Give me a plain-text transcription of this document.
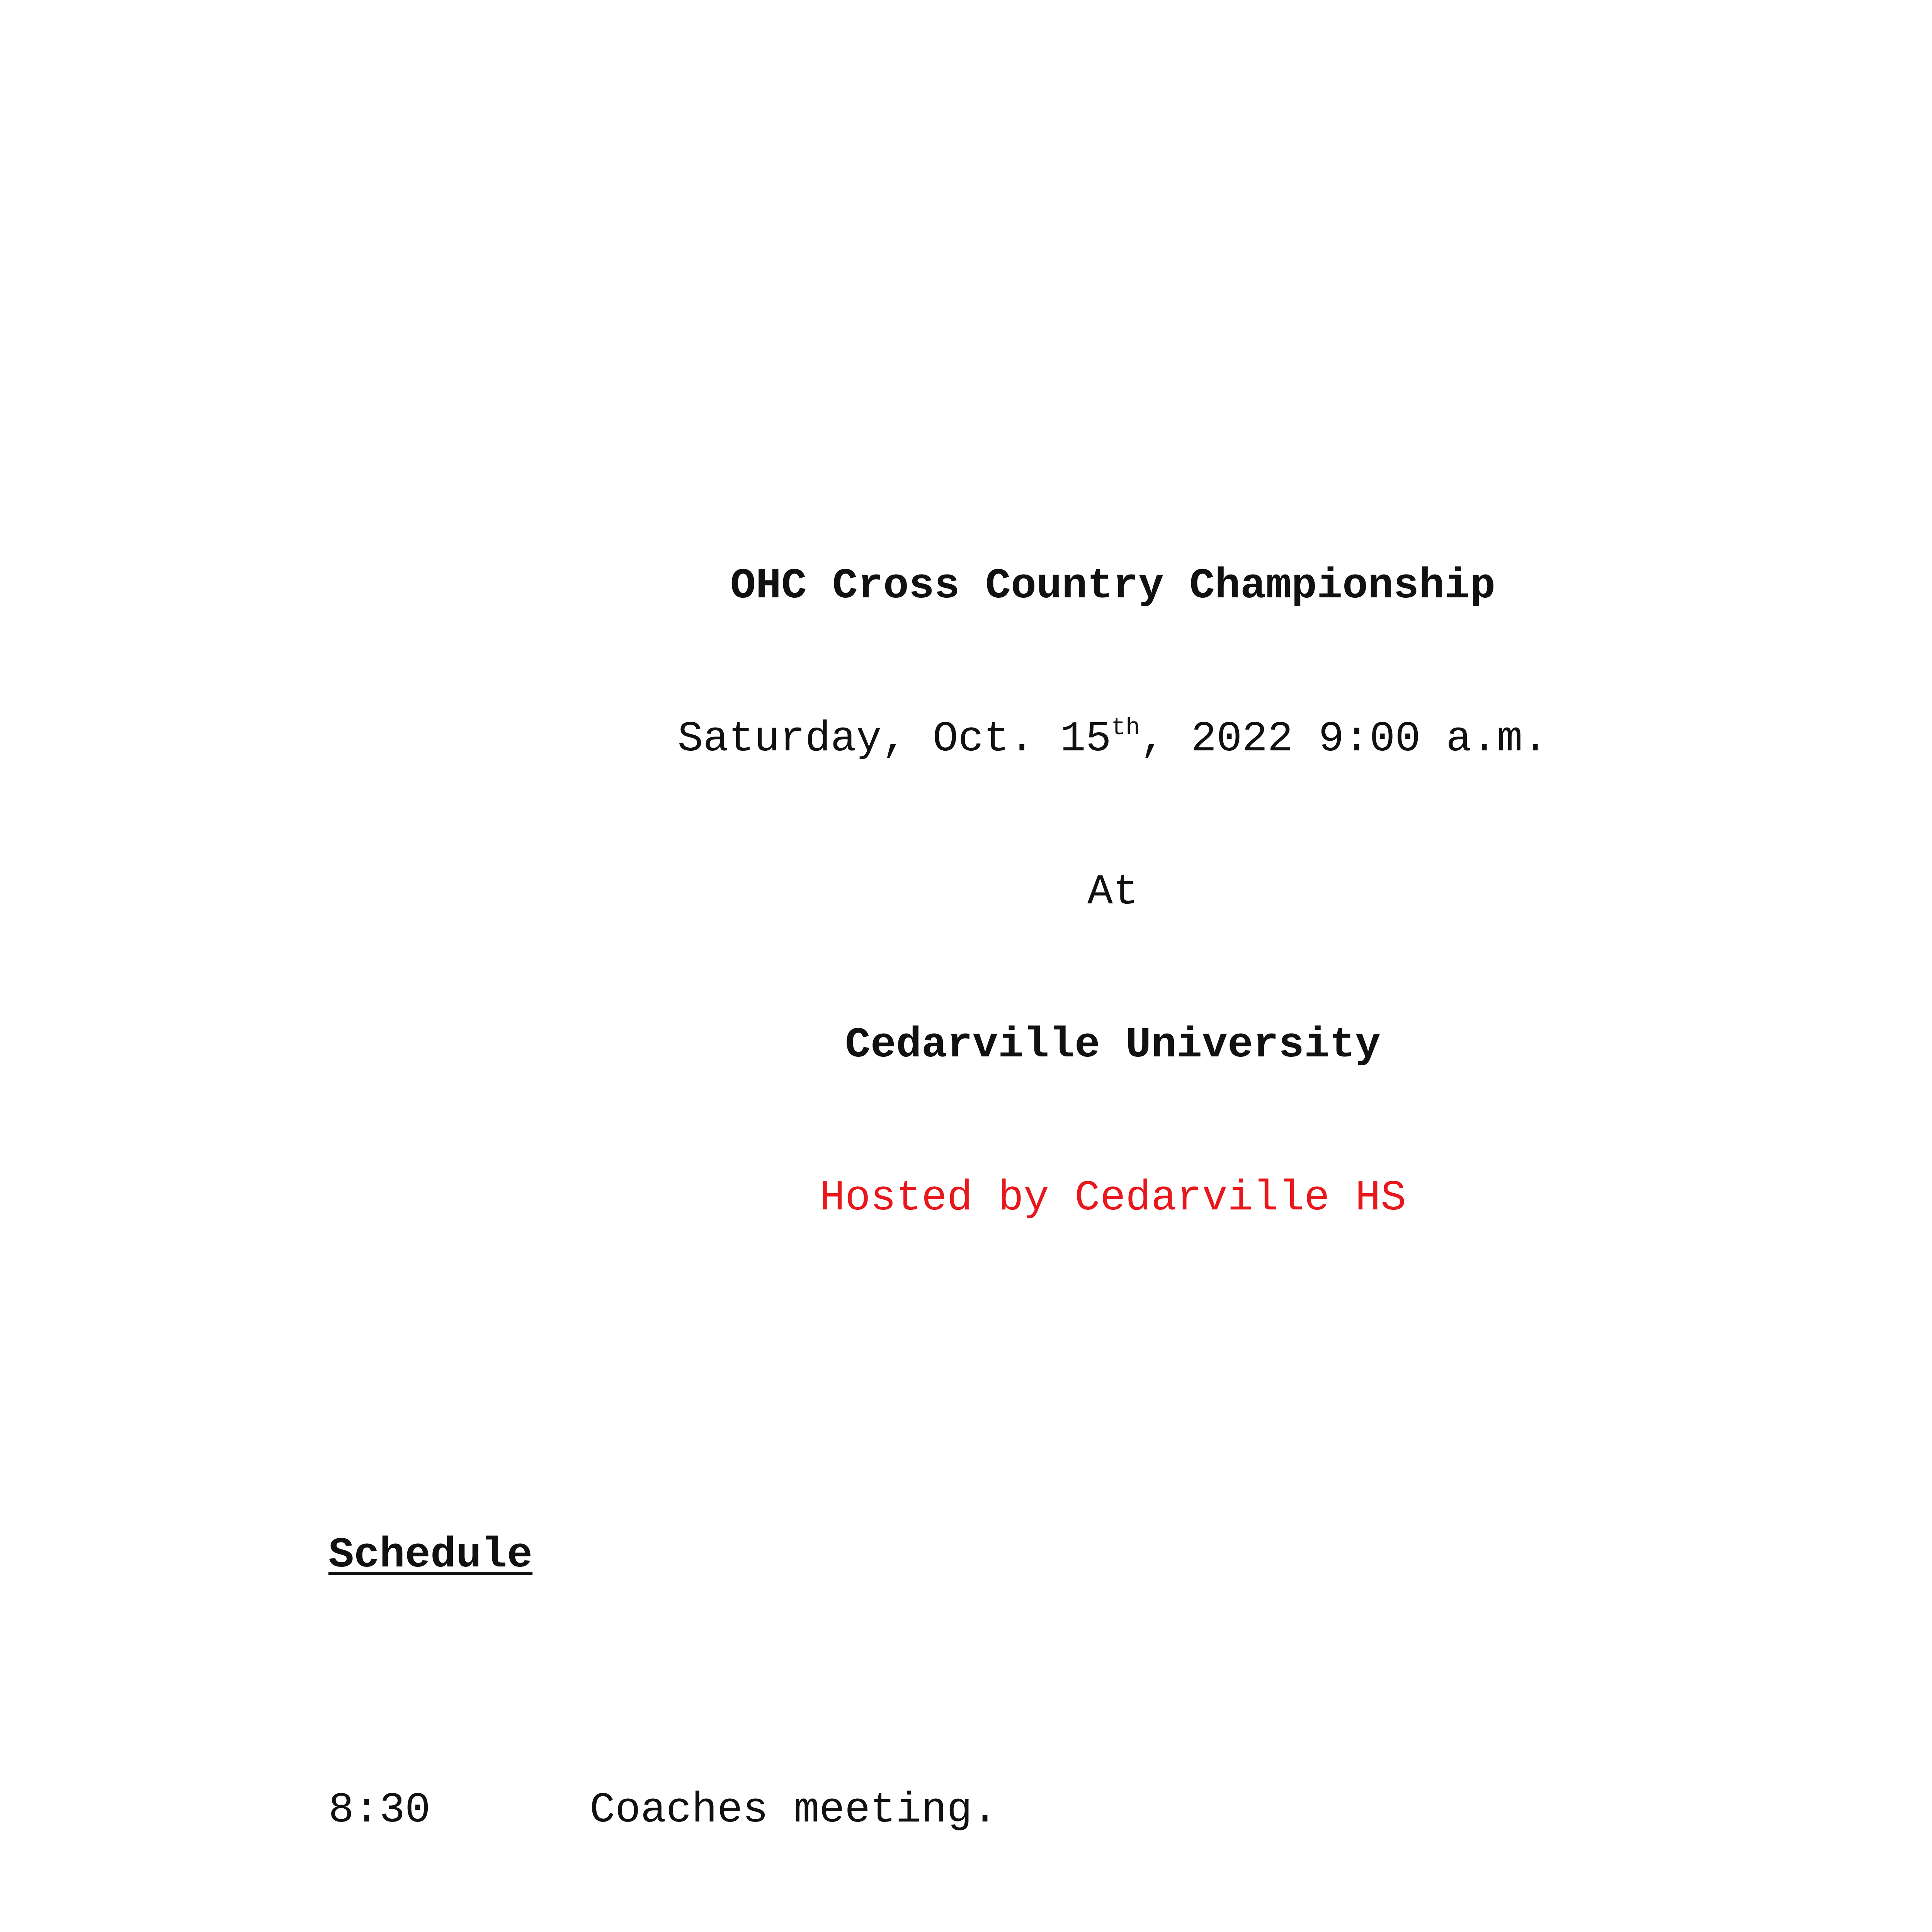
OHC Cross Country Championship

Saturday, Oct. 15th, 2022 9:00 a.m.

At

Cedarville University

Hosted by Cedarville HS

Schedule

8:30	Coaches meeting.
